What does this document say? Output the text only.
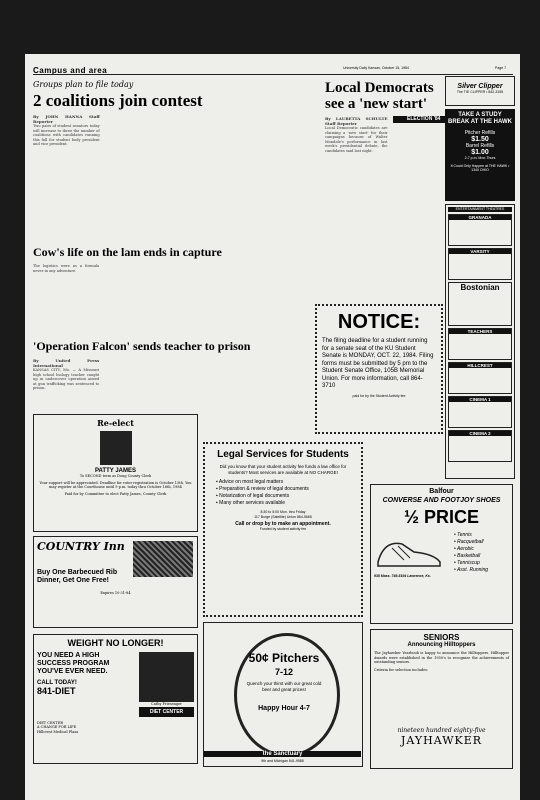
Campus and area	University Daily Kansan, October 15, 1984	Page 7
Groups plan to file today
2 coalitions join contest
By JOHN HANNA Staff Reporter
Two pairs of student senators today will increase to three the number of coalitions with candidates running this fall for student body president and vice president.
Local Democrats see a 'new start'
By LAURETTA SCHULTE Staff Reporter
Local Democratic candidates are claiming a 'new start' for their campaigns because of Walter Mondale's performance in last week's presidential debate, the candidates said last night.
ELECTION '84
Silver Clipper
The TIE CLIPPER • 842-3155
TAKE A STUDY BREAK AT THE HAWK
Pitcher Refills
$1.50
Barrel Refills
$1.00
2-7 p.m. Mon-Thurs
It Could Only Happen at THE HAWK • 1340 OHIO
ENTERTAINMENT THEATRES
GRANADA
VARSITY
Bostonian
TEACHERS
HILLCREST
CINEMA 1
CINEMA 2
Cow's life on the lam ends in capture
The logistics were as a formula never in any adventure.
'Operation Falcon' sends teacher to prison
By United Press International
KANSAS CITY, Mo. — A Missouri high school biology teacher caught up in undercover operation aimed at gun trafficking was sentenced to prison.
NOTICE:
The filing deadline for a student running for a senate seat of the KU Student Senate is MONDAY, OCT. 22, 1984. Filing forms must be submitted by 5 pm to the Student Senate Office, 105B Memorial Union. For more information, call 864-3710
paid for by the Student Activity fee
Re-elect
PATTY JAMES
To SECOND term as Doug County Clerk
Your support will be appreciated. Deadline for voter registration is October 15th. You may register at the Courthouse until 9 p.m. today thru October 16th, 1984
Paid for by Committee to elect Patty James, County Clerk
COUNTRY Inn
Buy One Barbecued Rib Dinner, Get One Free!
Expires 10-31-84
WEIGHT NO LONGER!
YOU NEED A HIGH SUCCESS PROGRAM YOU'VE EVER NEED.
CALL TODAY!
841-DIET
Cathy Friesenger
DIET CENTER
DIET CENTER
A CHANGE FOR LIFE
Hillcrest Medical Plaza
Legal Services for Students
Did you know that your student activity fee funds a law office for students? Most services are available at NO CHARGE!
▪ Advice on most legal matters
▪ Preparation & review of legal documents
▪ Notarization of legal documents
▪ Many other services available
8:30 to 5:00 Mon. thru Friday
117 Burge (Satellite) Union 864-5665
Call or drop by to make an appointment.
Funded by student activity fee
50¢ Pitchers
7-12
Quench your thirst with our great cold beer and great prices!
Happy Hour 4-7
the Sanctuary
9th and Michigan 841-9588
Balfour
CONVERSE AND FOOTJOY SHOES
½ PRICE
935 Mass. 749-5194 Lawrence, Ks.
• Tennis
• Racquetball
• Aerobic
• Basketball
• Tenniscup
• Asst. Running
SENIORS
Announcing Hilltoppers
The Jayhawker Yearbook is happy to announce the Hilltoppers. Hilltopper Awards were established in the 1950's to recognize the achievements of outstanding seniors.
Criteria for selection includes:
nineteen hundred eighty-five
JAYHAWKER
